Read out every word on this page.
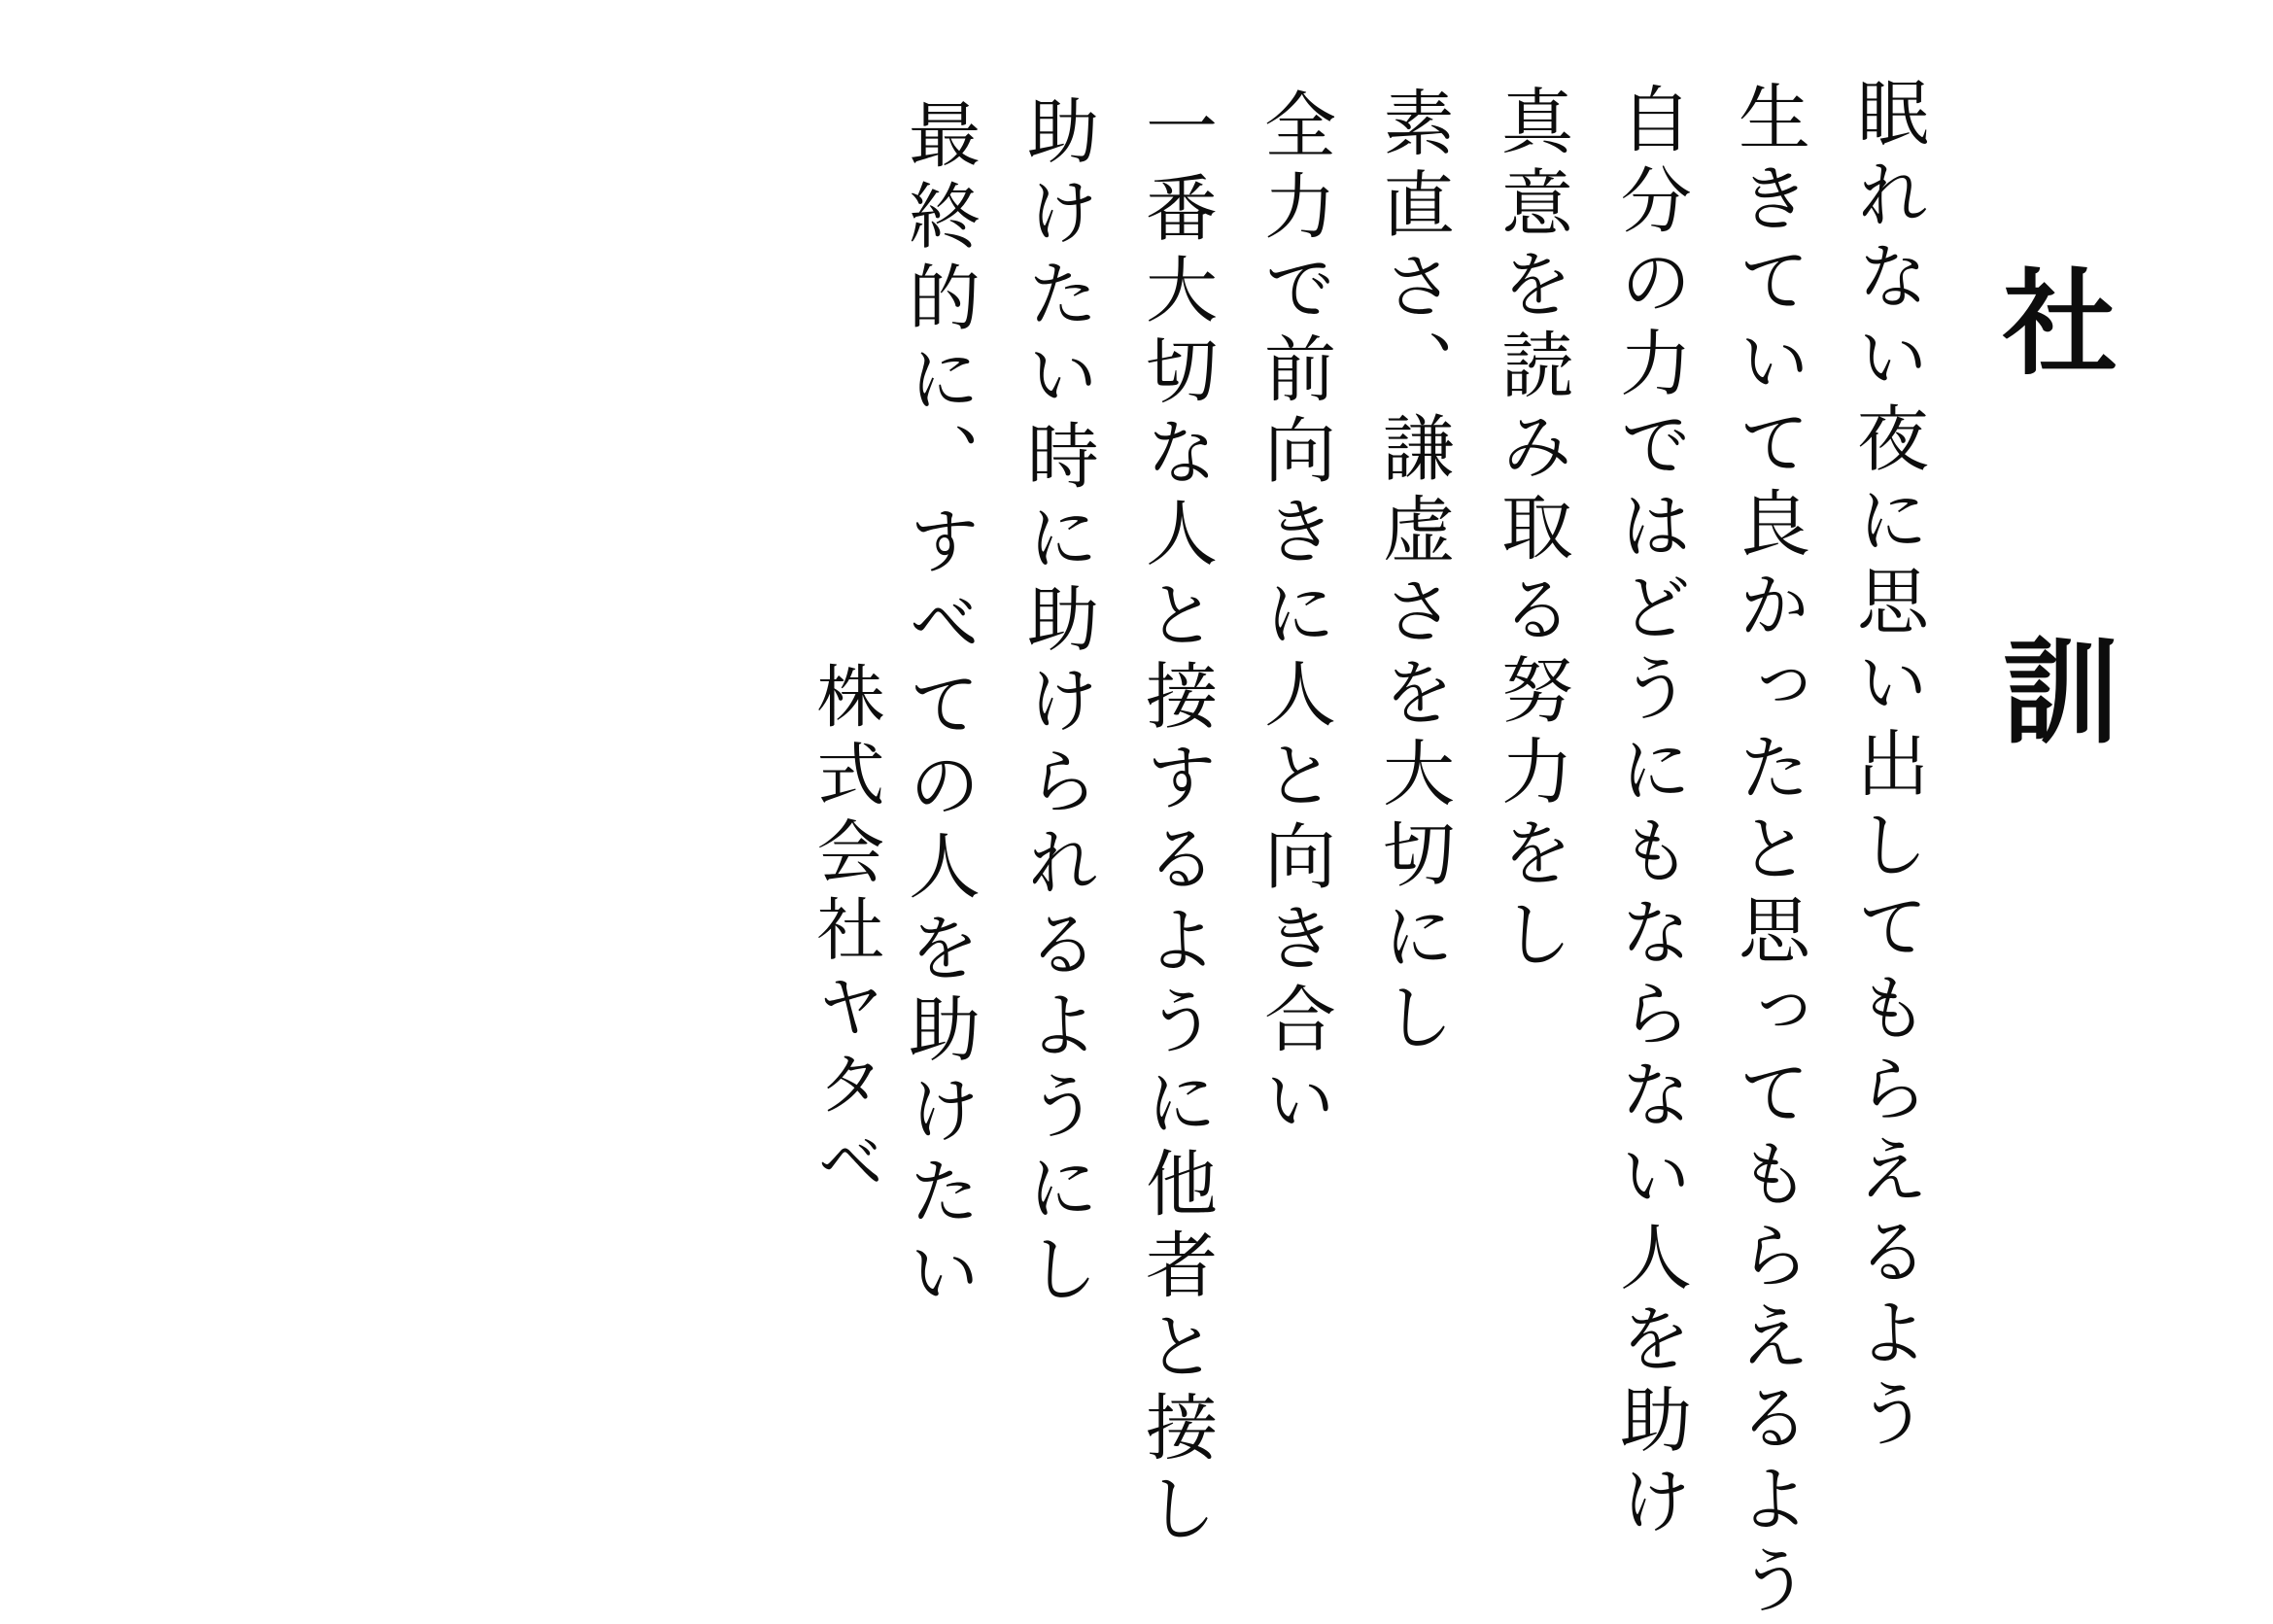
社 訓
眠れない夜に思い出してもらえるよう
生きていて良かったと思ってもらえるよう
自分の力ではどうにもならない人を助け
真意を読み取る努力をし
素直さ、謙虚さを大切にし
全力で前向きに人と向き合い
一番大切な人と接するように他者と接し
助けたい時に助けられるようにし
最終的に、すべての人を助けたい
株式会社ヤタベ
